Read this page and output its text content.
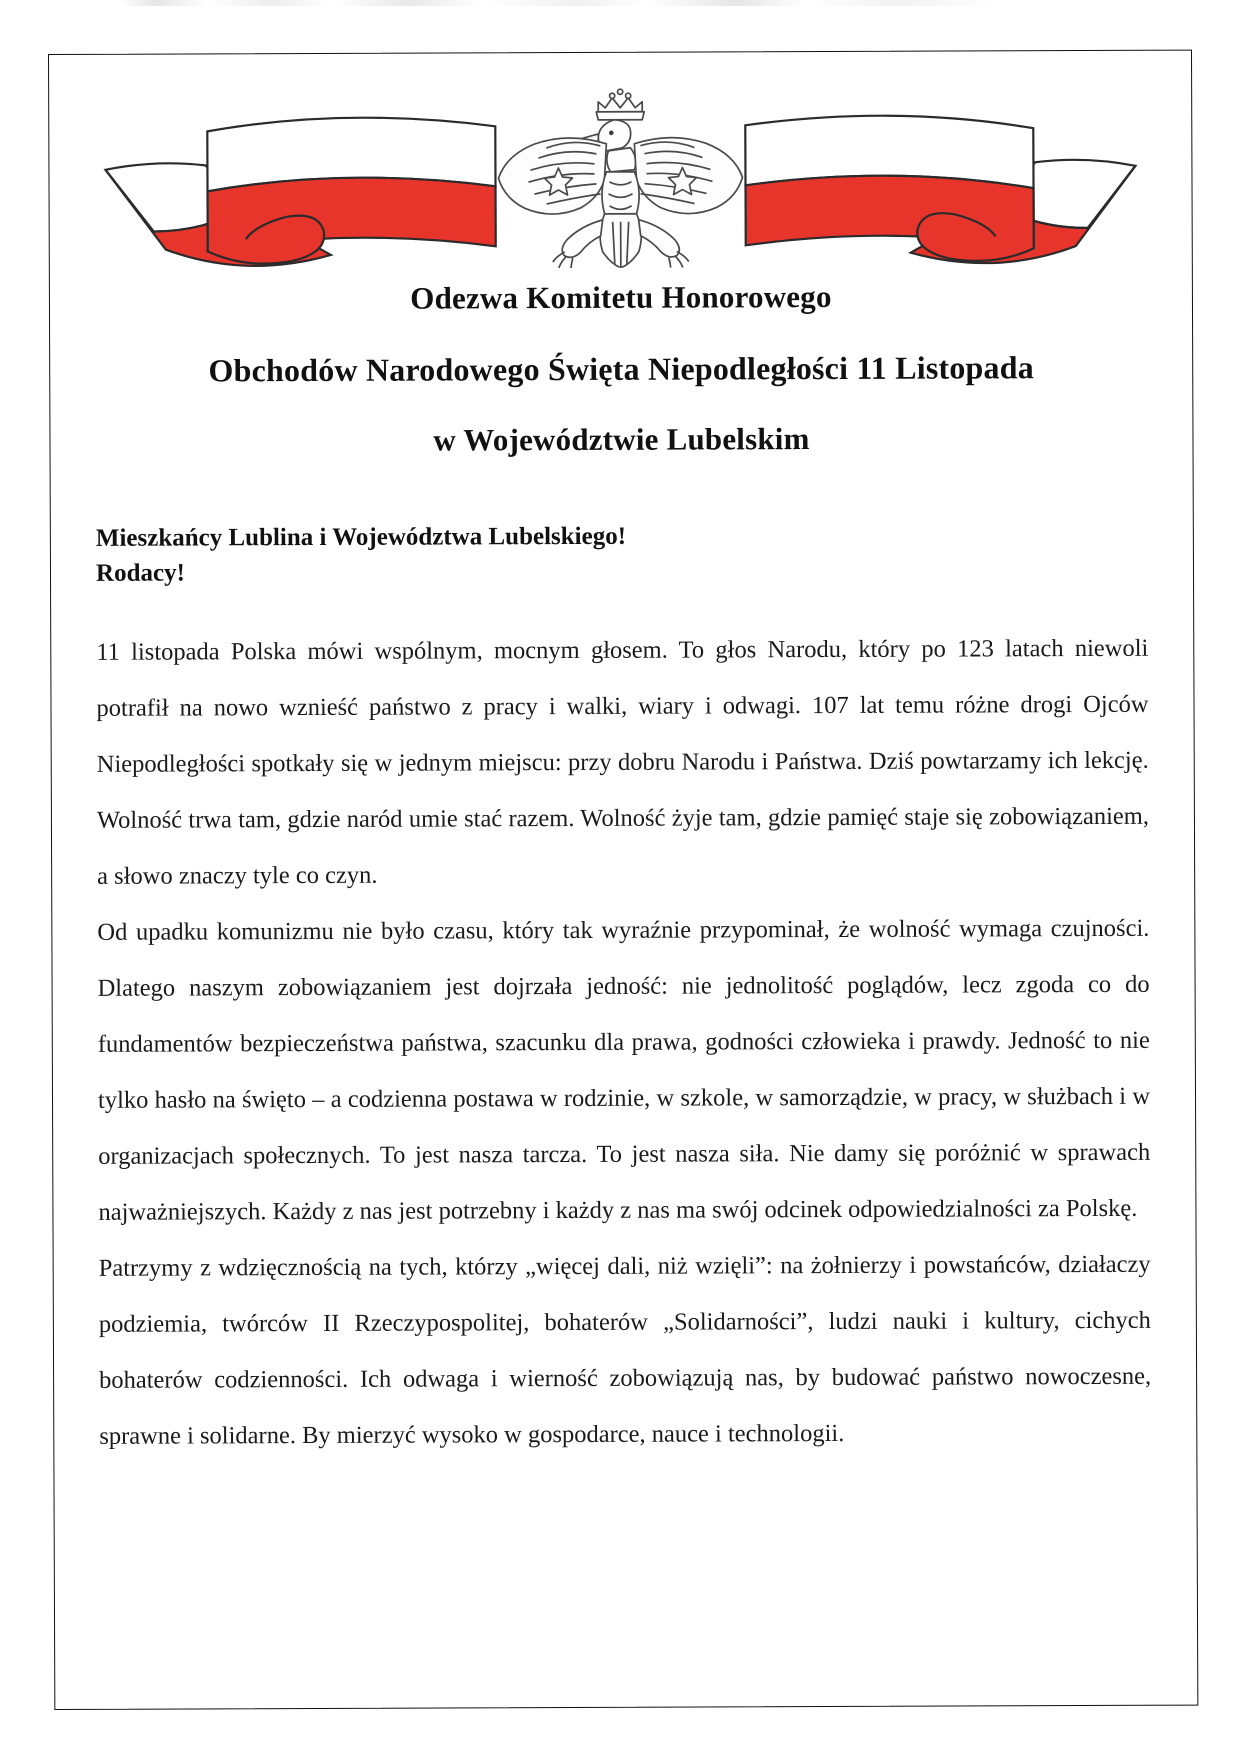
Odezwa Komitetu Honorowego
Obchodów Narodowego Święta Niepodległości 11 Listopada
w Województwie Lubelskim
Mieszkańcy Lublina i Województwa Lubelskiego!
Rodacy!

11 listopada Polska mówi wspólnym, mocnym głosem. To głos Narodu, który po 123 latach niewoli potrafił na nowo wznieść państwo z pracy i walki, wiary i odwagi. 107 lat temu różne drogi Ojców Niepodległości spotkały się w jednym miejscu: przy dobru Narodu i Państwa. Dziś powtarzamy ich lekcję. Wolność trwa tam, gdzie naród umie stać razem. Wolność żyje tam, gdzie pamięć staje się zobowiązaniem, a słowo znaczy tyle co czyn.

Od upadku komunizmu nie było czasu, który tak wyraźnie przypominał, że wolność wymaga czujności. Dlatego naszym zobowiązaniem jest dojrzała jedność: nie jednolitość poglądów, lecz zgoda co do fundamentów bezpieczeństwa państwa, szacunku dla prawa, godności człowieka i prawdy. Jedność to nie tylko hasło na święto – a codzienna postawa w rodzinie, w szkole, w samorządzie, w pracy, w służbach i w organizacjach społecznych. To jest nasza tarcza. To jest nasza siła. Nie damy się poróżnić w sprawach najważniejszych. Każdy z nas jest potrzebny i każdy z nas ma swój odcinek odpowiedzialności za Polskę.

Patrzymy z wdzięcznością na tych, którzy „więcej dali, niż wzięli”: na żołnierzy i powstańców, działaczy podziemia, twórców II Rzeczypospolitej, bohaterów „Solidarności”, ludzi nauki i kultury, cichych bohaterów codzienności. Ich odwaga i wierność zobowiązują nas, by budować państwo nowoczesne, sprawne i solidarne. By mierzyć wysoko w gospodarce, nauce i technologii.
